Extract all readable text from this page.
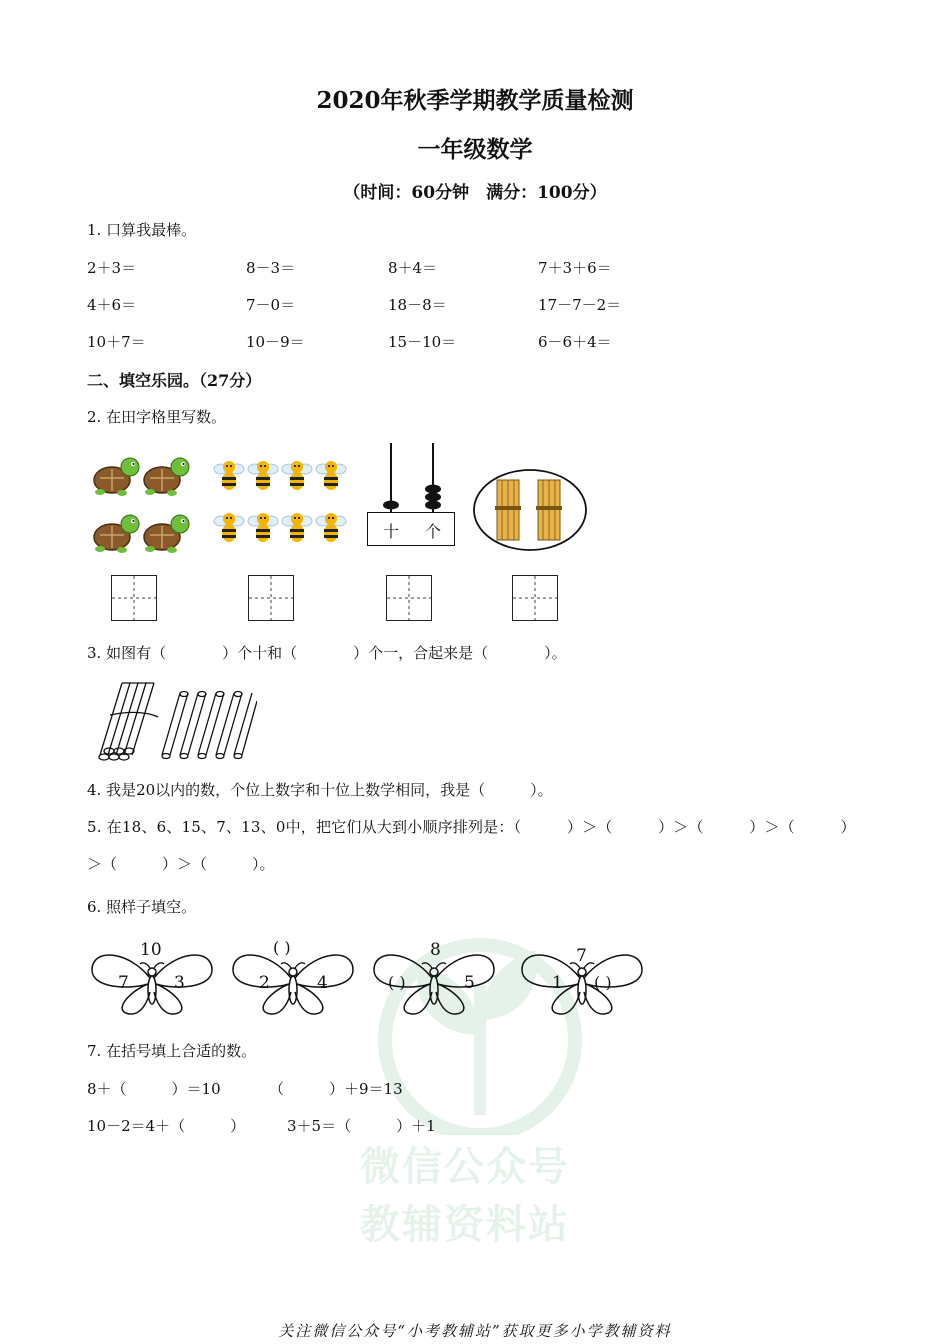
微信公众号
教辅资料站
2020年秋季学期教学质量检测
一年级数学
（时间：60分钟　满分：100分）
1. 口算我最棒。
2＋3＝	8－3＝	8＋4＝	7＋3＋6＝
4＋6＝	7－0＝	18－8＝	17－7－2＝
10＋7＝	10－9＝	15－10＝	6－6＋4＝
二、填空乐园。（27分）
2. 在田字格里写数。
十 个
3. 如图有（	）个十和（	）个一，合起来是（	）。
4. 我是20以内的数，个位上数字和十位上数学相同，我是（　　　）。
5. 在18、6、15、7、13、0中，把它们从大到小顺序排列是：（　　　）＞（　　　）＞（　　　）＞（　　　）
＞（　　　）＞（　　　）。
6. 照样子填空。
10
7	3
( )
2	4
8
( )	5
7
1 ( )
7. 在括号填上合适的数。
8＋（　　　）＝10	（　　　）＋9＝13
10－2＝4＋（　　　）	3＋5＝（　　　）＋1
关注微信公众号“小考教辅站”获取更多小学教辅资料
